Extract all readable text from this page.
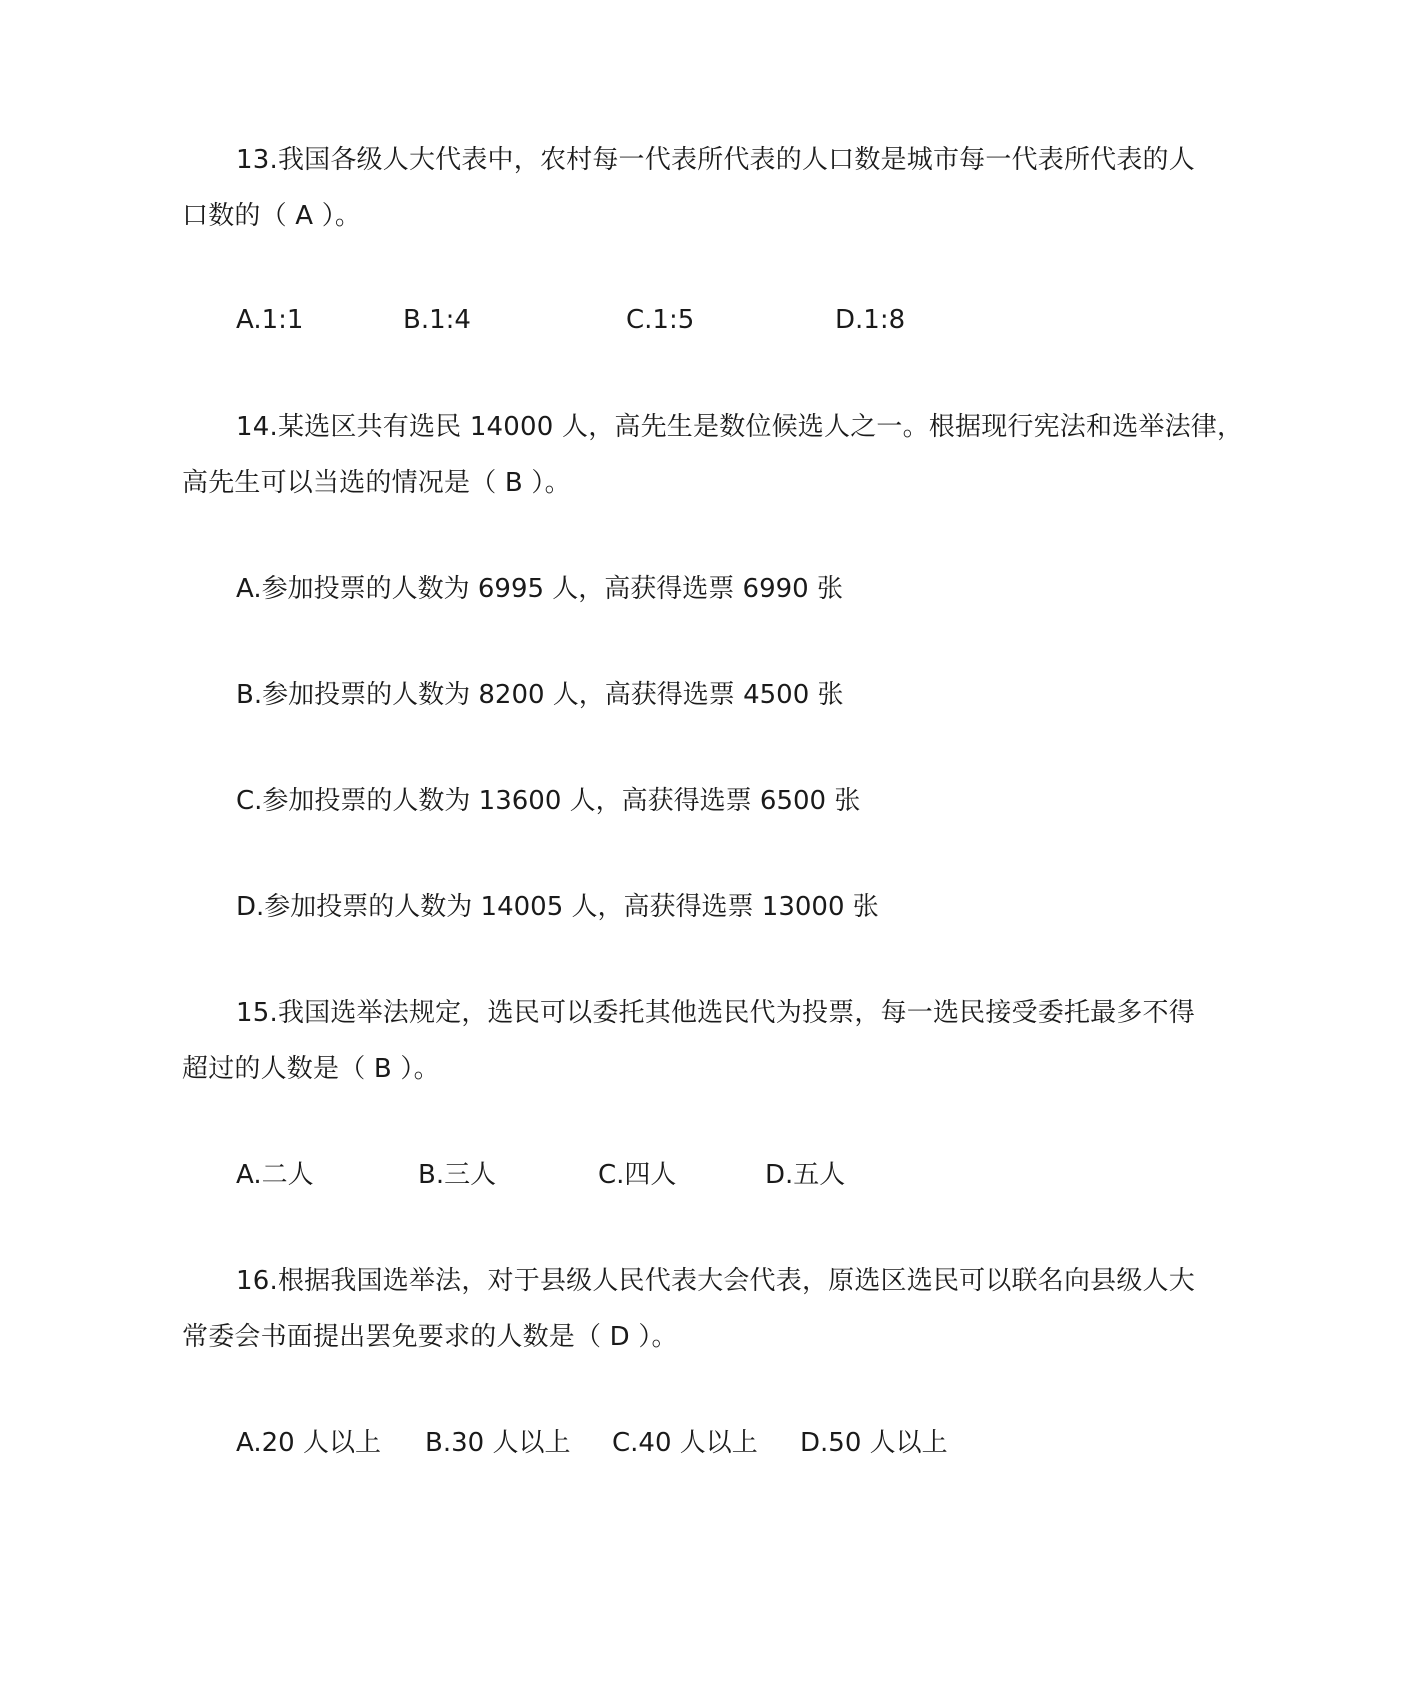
13.我国各级人大代表中，农村每一代表所代表的人口数是城市每一代表所代表的人
口数的（ A ）。
A.1:1	B.1:4	C.1:5	D.1:8
14.某选区共有选民 14000 人，高先生是数位候选人之一。根据现行宪法和选举法律，
高先生可以当选的情况是（ B ）。
A.参加投票的人数为 6995 人，高获得选票 6990 张
B.参加投票的人数为 8200 人，高获得选票 4500 张
C.参加投票的人数为 13600 人，高获得选票 6500 张
D.参加投票的人数为 14005 人，高获得选票 13000 张
15.我国选举法规定，选民可以委托其他选民代为投票，每一选民接受委托最多不得
超过的人数是（ B ）。
A.二人	B.三人	C.四人	D.五人
16.根据我国选举法，对于县级人民代表大会代表，原选区选民可以联名向县级人大
常委会书面提出罢免要求的人数是（ D ）。
A.20 人以上 B.30 人以上 C.40 人以上 D.50 人以上
